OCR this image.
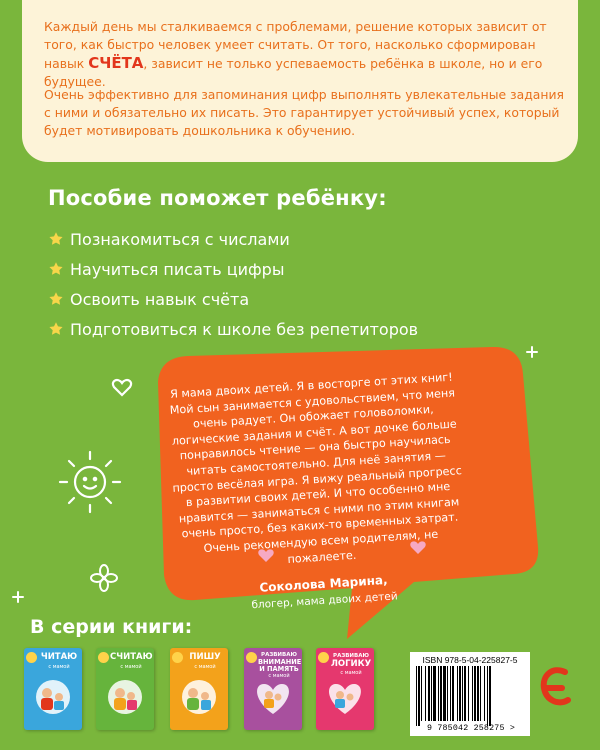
Каждый день мы сталкиваемся с проблемами, решение которых зависит от того, как быстро человек умеет считать. От того, насколько сформирован навык СЧЁТА, зависит не только успеваемость ребёнка в школе, но и его будущее.

Очень эффективно для запоминания цифр выполнять увлекательные задания с ними и обязательно их писать. Это гарантирует устойчивый успех, который будет мотивировать дошкольника к обучению.

Пособие поможет ребёнку:
Познакомиться с числами
Научиться писать цифры
Освоить навык счёта
Подготовиться к школе без репетиторов

Я мама двоих детей. Я в восторге от этих книг! Мой сын занимается с удовольствием, что меня очень радует. Он обожает головоломки, логические задания и счёт. А вот дочке больше понравилось чтение — она быстро научилась читать самостоятельно. Для неё занятия — просто весёлая игра. Я вижу реальный прогресс в развитии своих детей. И что особенно мне нравится — заниматься с ними по этим книгам очень просто, без каких-то временных затрат. Очень рекомендую всем родителям, не пожалеете.

Соколова Марина,

блогер, мама двоих детей

В серии книги:
ЧИТАЮ
с мамой
СЧИТАЮ
с мамой
ПИШУ
с мамой
РАЗВИВАЮ
ВНИМАНИЕ И ПАМЯТЬ
с мамой
РАЗВИВАЮ
ЛОГИКУ
с мамой
ISBN 978-5-04-225827-5
9 785042 258275 >
